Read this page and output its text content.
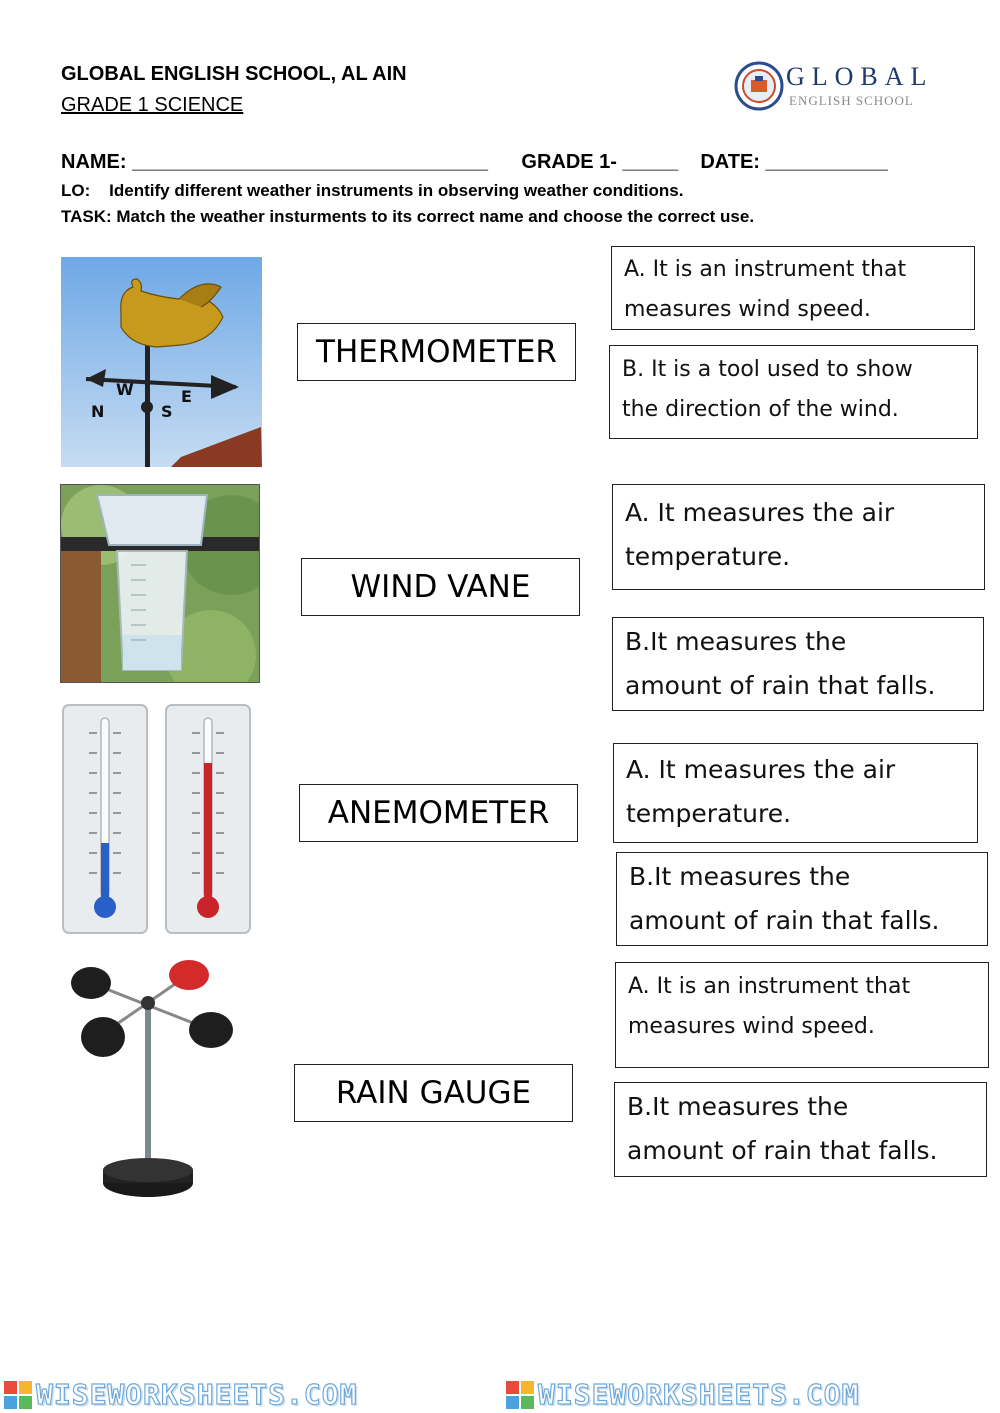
GLOBAL ENGLISH SCHOOL, AL AIN
GRADE 1 SCIENCE
GLOBAL
ENGLISH SCHOOL
NAME: ________________________________      GRADE 1- _____    DATE: ___________
LO:    Identify different weather instruments in observing weather conditions.
TASK: Match the weather insturments to its correct name and choose the correct use.
W
N	S
E
THERMOMETER
WIND VANE
ANEMOMETER
RAIN GAUGE
A. It is an instrument that
measures wind speed.
B. It is a tool used to show
the direction of the wind.
A. It measures the air
temperature.
B.It measures the
amount of rain that falls.
A. It measures the air
temperature.
B.It measures the
amount of rain that falls.
A. It is an instrument that
measures wind speed.
B.It measures the
amount of rain that falls.
WISEWORKSHEETS.COM	WISEWORKSHEETS.COM
